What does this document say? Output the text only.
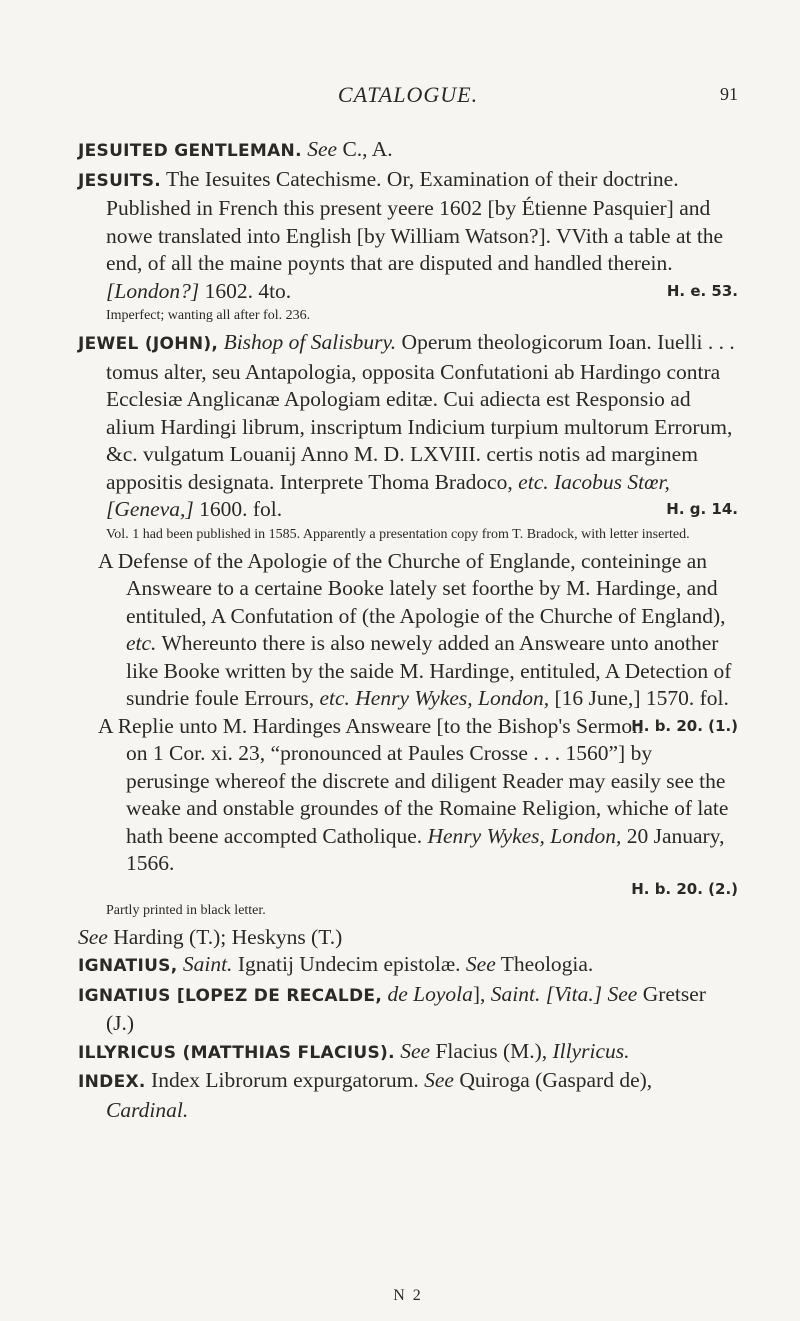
CATALOGUE.	91

JESUITED GENTLEMAN. See C., A.

JESUITS. The Iesuites Catechisme. Or, Examination of their doctrine. Published in French this present yeere 1602 [by Étienne Pasquier] and nowe translated into English [by William Watson?]. VVith a table at the end, of all the maine poynts that are disputed and handled therein. [London?] 1602. 4to.	H. e. 53.

Imperfect; wanting all after fol. 236.

JEWEL (JOHN), Bishop of Salisbury. Operum theologicorum Ioan. Iuelli . . . tomus alter, seu Antapologia, opposita Confutationi ab Hardingo contra Ecclesiæ Anglicanæ Apologiam editæ. Cui adiecta est Responsio ad alium Hardingi librum, inscriptum Indicium turpium multorum Errorum, &c. vulgatum Louanij Anno M. D. LXVIII. certis notis ad marginem appositis designata. Interprete Thoma Bradoco, etc. Iacobus Stœr, [Geneva,] 1600. fol.	H. g. 14.

Vol. 1 had been published in 1585. Apparently a presentation copy from T. Bradock, with letter inserted.

A Defense of the Apologie of the Churche of Englande, conteininge an Answeare to a certaine Booke lately set foorthe by M. Hardinge, and entituled, A Confutation of (the Apologie of the Churche of England), etc. Whereunto there is also newely added an Answeare unto another like Booke written by the saide M. Hardinge, entituled, A Detection of sundrie foule Errours, etc. Henry Wykes, London, [16 June,] 1570. fol.
H. b. 20. (1.)

A Replie unto M. Hardinges Answeare [to the Bishop's Sermon on 1 Cor. xi. 23, “pronounced at Paules Crosse . . . 1560”] by perusinge whereof the discrete and diligent Reader may easily see the weake and onstable groundes of the Romaine Religion, whiche of late hath beene accompted Catholique. Henry Wykes, London, 20 January, 1566.

H. b. 20. (2.)

Partly printed in black letter.

See Harding (T.); Heskyns (T.)

IGNATIUS, Saint. Ignatij Undecim epistolæ. See Theologia.

IGNATIUS [LOPEZ DE RECALDE, de Loyola], Saint. [Vita.] See Gretser (J.)

ILLYRICUS (MATTHIAS FLACIUS). See Flacius (M.), Illyricus.

INDEX. Index Librorum expurgatorum. See Quiroga (Gaspard de), Cardinal.

N 2
